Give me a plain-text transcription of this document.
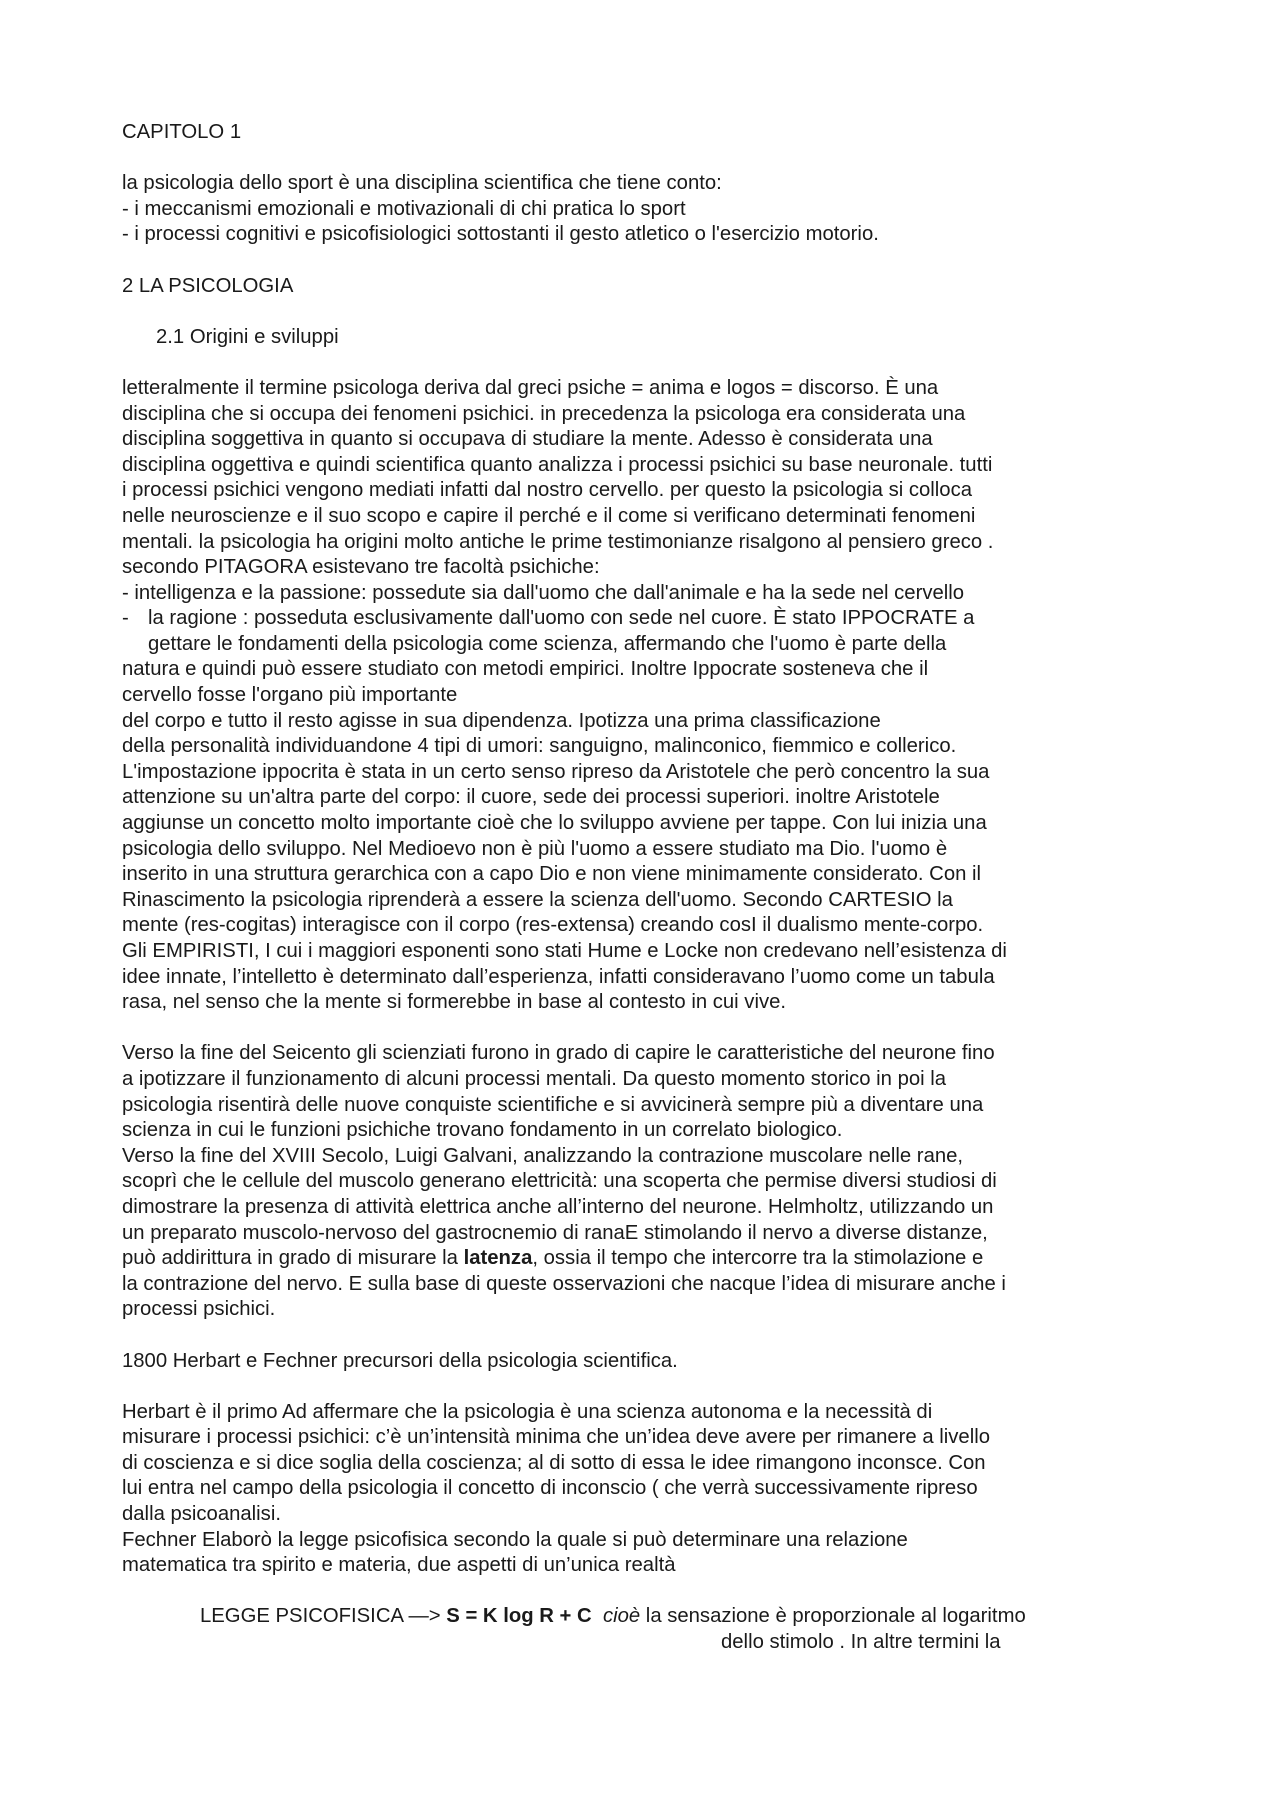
CAPITOLO 1
la psicologia dello sport è una disciplina scientifica che tiene conto:
- i meccanismi emozionali e motivazionali di chi pratica lo sport
- i processi cognitivi e psicofisiologici sottostanti il gesto atletico o l'esercizio motorio.
2 LA PSICOLOGIA
2.1 Origini e sviluppi
letteralmente il termine psicologa deriva dal greci psiche = anima e logos = discorso. È una
disciplina che si occupa dei fenomeni psichici. in precedenza la psicologa era considerata una
disciplina soggettiva in quanto si occupava di studiare la mente. Adesso è considerata una
disciplina oggettiva e quindi scientifica quanto analizza i processi psichici su base neuronale. tutti
i processi psichici vengono mediati infatti dal nostro cervello. per questo la psicologia si colloca
nelle neuroscienze e il suo scopo e capire il perché e il come si verificano determinati fenomeni
mentali. la psicologia ha origini molto antiche le prime testimonianze risalgono al pensiero greco .
secondo PITAGORA esistevano tre facoltà psichiche:
- intelligenza e la passione: possedute sia dall'uomo che dall'animale e ha la sede nel cervello
- la ragione : posseduta esclusivamente dall'uomo con sede nel cuore. È stato IPPOCRATE a
gettare le fondamenti della psicologia come scienza, affermando che l'uomo è parte della
natura e quindi può essere studiato con metodi empirici. Inoltre Ippocrate sosteneva che il
cervello fosse l'organo più importante
del corpo e tutto il resto agisse in sua dipendenza. Ipotizza una prima classificazione
della personalità individuandone 4 tipi di umori: sanguigno, malinconico, fiemmico e collerico.
L'impostazione ippocrita è stata in un certo senso ripreso da Aristotele che però concentro la sua
attenzione su un'altra parte del corpo: il cuore, sede dei processi superiori. inoltre Aristotele
aggiunse un concetto molto importante cioè che lo sviluppo avviene per tappe. Con lui inizia una
psicologia dello sviluppo. Nel Medioevo non è più l'uomo a essere studiato ma Dio. l'uomo è
inserito in una struttura gerarchica con a capo Dio e non viene minimamente considerato. Con il
Rinascimento la psicologia riprenderà a essere la scienza dell'uomo. Secondo CARTESIO la
mente (res-cogitas) interagisce con il corpo (res-extensa) creando cosI il dualismo mente-corpo.
Gli EMPIRISTI, I cui i maggiori esponenti sono stati Hume e Locke non credevano nell’esistenza di
idee innate, l’intelletto è determinato dall’esperienza, infatti consideravano l’uomo come un tabula
rasa, nel senso che la mente si formerebbe in base al contesto in cui vive.
Verso la fine del Seicento gli scienziati furono in grado di capire le caratteristiche del neurone fino
a ipotizzare il funzionamento di alcuni processi mentali. Da questo momento storico in poi la
psicologia risentirà delle nuove conquiste scientifiche e si avvicinerà sempre più a diventare una
scienza in cui le funzioni psichiche trovano fondamento in un correlato biologico.
Verso la fine del XVIII Secolo, Luigi Galvani, analizzando la contrazione muscolare nelle rane,
scoprì che le cellule del muscolo generano elettricità: una scoperta che permise diversi studiosi di
dimostrare la presenza di attività elettrica anche all’interno del neurone. Helmholtz, utilizzando un
un preparato muscolo-nervoso del gastrocnemio di ranaE stimolando il nervo a diverse distanze,
può addirittura in grado di misurare la latenza, ossia il tempo che intercorre tra la stimolazione e
la contrazione del nervo. E sulla base di queste osservazioni che nacque l’idea di misurare anche i
processi psichici.
1800 Herbart e Fechner precursori della psicologia scientifica.
Herbart è il primo Ad affermare che la psicologia è una scienza autonoma e la necessità di
misurare i processi psichici: c’è un’intensità minima che un’idea deve avere per rimanere a livello
di coscienza e si dice soglia della coscienza; al di sotto di essa le idee rimangono inconsce. Con
lui entra nel campo della psicologia il concetto di inconscio ( che verrà successivamente ripreso
dalla psicoanalisi.
Fechner Elaborò la legge psicofisica secondo la quale si può determinare una relazione
matematica tra spirito e materia, due aspetti di un’unica realtà
LEGGE PSICOFISICA —> S = K log R + C cioè la sensazione è proporzionale al logaritmo
dello stimolo . In altre termini la
